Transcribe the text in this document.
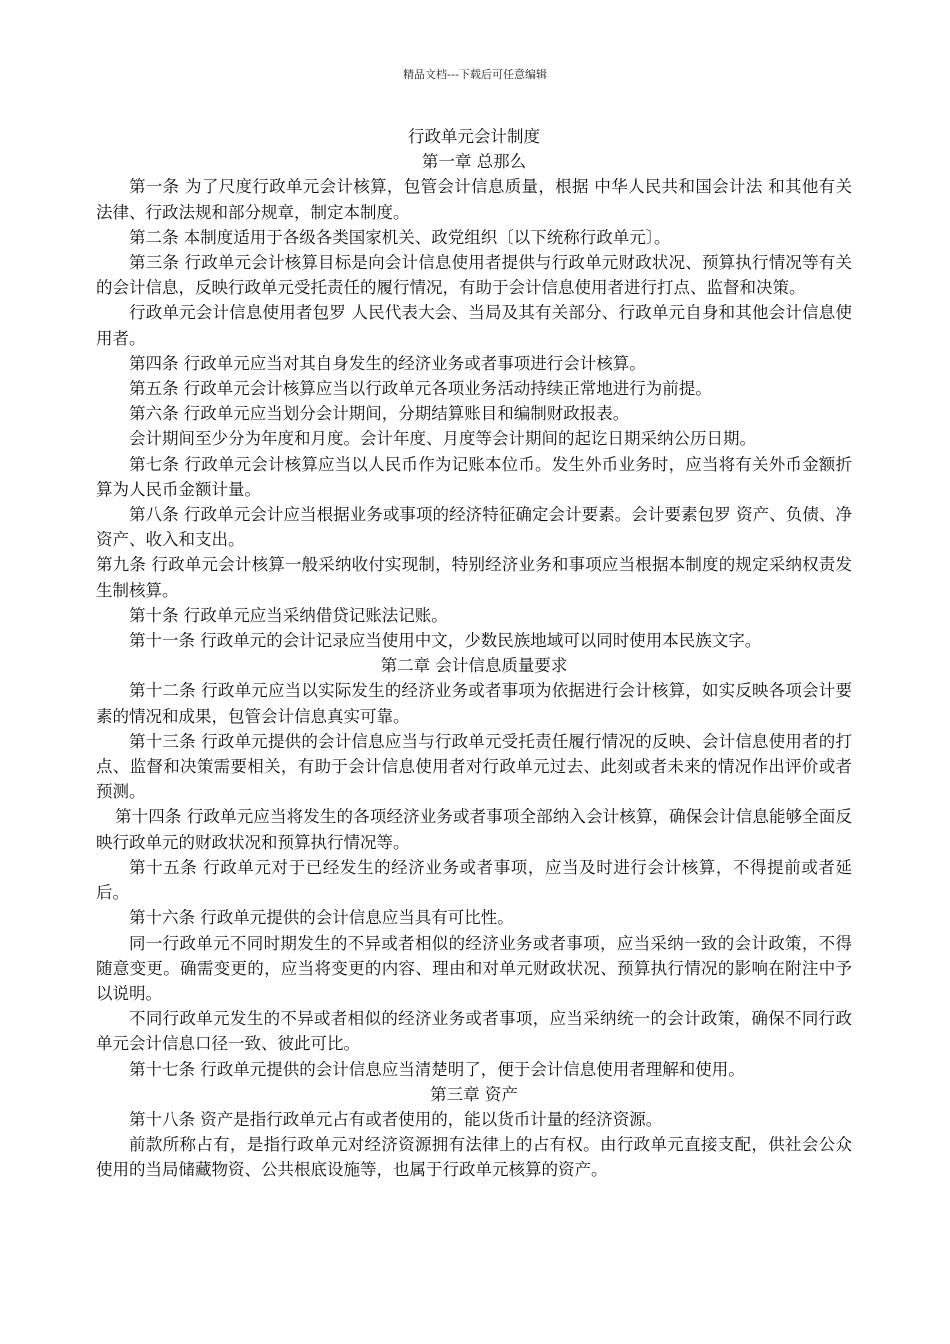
精品文档---下载后可任意编辑
行政单元会计制度
第一章 总那么

第一条 为了尺度行政单元会计核算，包管会计信息质量，根据 中华人民共和国会计法 和其他有关法律、行政法规和部分规章，制定本制度。

第二条 本制度适用于各级各类国家机关、政党组织〔以下统称行政单元〕。

第三条 行政单元会计核算目标是向会计信息使用者提供与行政单元财政状况、预算执行情况等有关的会计信息，反映行政单元受托责任的履行情况，有助于会计信息使用者进行打点、监督和决策。

行政单元会计信息使用者包罗 人民代表大会、当局及其有关部分、行政单元自身和其他会计信息使用者。

第四条 行政单元应当对其自身发生的经济业务或者事项进行会计核算。

第五条 行政单元会计核算应当以行政单元各项业务活动持续正常地进行为前提。

第六条 行政单元应当划分会计期间，分期结算账目和编制财政报表。

会计期间至少分为年度和月度。会计年度、月度等会计期间的起讫日期采纳公历日期。

第七条 行政单元会计核算应当以人民币作为记账本位币。发生外币业务时，应当将有关外币金额折算为人民币金额计量。

第八条 行政单元会计应当根据业务或事项的经济特征确定会计要素。会计要素包罗 资产、负债、净资产、收入和支出。

第九条 行政单元会计核算一般采纳收付实现制，特别经济业务和事项应当根据本制度的规定采纳权责发生制核算。

第十条 行政单元应当采纳借贷记账法记账。

第十一条 行政单元的会计记录应当使用中文，少数民族地域可以同时使用本民族文字。

第二章 会计信息质量要求

第十二条 行政单元应当以实际发生的经济业务或者事项为依据进行会计核算，如实反映各项会计要素的情况和成果，包管会计信息真实可靠。

第十三条 行政单元提供的会计信息应当与行政单元受托责任履行情况的反映、会计信息使用者的打点、监督和决策需要相关，有助于会计信息使用者对行政单元过去、此刻或者未来的情况作出评价或者预测。

第十四条 行政单元应当将发生的各项经济业务或者事项全部纳入会计核算，确保会计信息能够全面反映行政单元的财政状况和预算执行情况等。

第十五条 行政单元对于已经发生的经济业务或者事项，应当及时进行会计核算，不得提前或者延后。

第十六条 行政单元提供的会计信息应当具有可比性。

同一行政单元不同时期发生的不异或者相似的经济业务或者事项，应当采纳一致的会计政策，不得随意变更。确需变更的，应当将变更的内容、理由和对单元财政状况、预算执行情况的影响在附注中予以说明。

不同行政单元发生的不异或者相似的经济业务或者事项，应当采纳统一的会计政策，确保不同行政单元会计信息口径一致、彼此可比。

第十七条 行政单元提供的会计信息应当清楚明了，便于会计信息使用者理解和使用。

第三章 资产

第十八条 资产是指行政单元占有或者使用的，能以货币计量的经济资源。

前款所称占有，是指行政单元对经济资源拥有法律上的占有权。由行政单元直接支配，供社会公众使用的当局储藏物资、公共根底设施等，也属于行政单元核算的资产。
